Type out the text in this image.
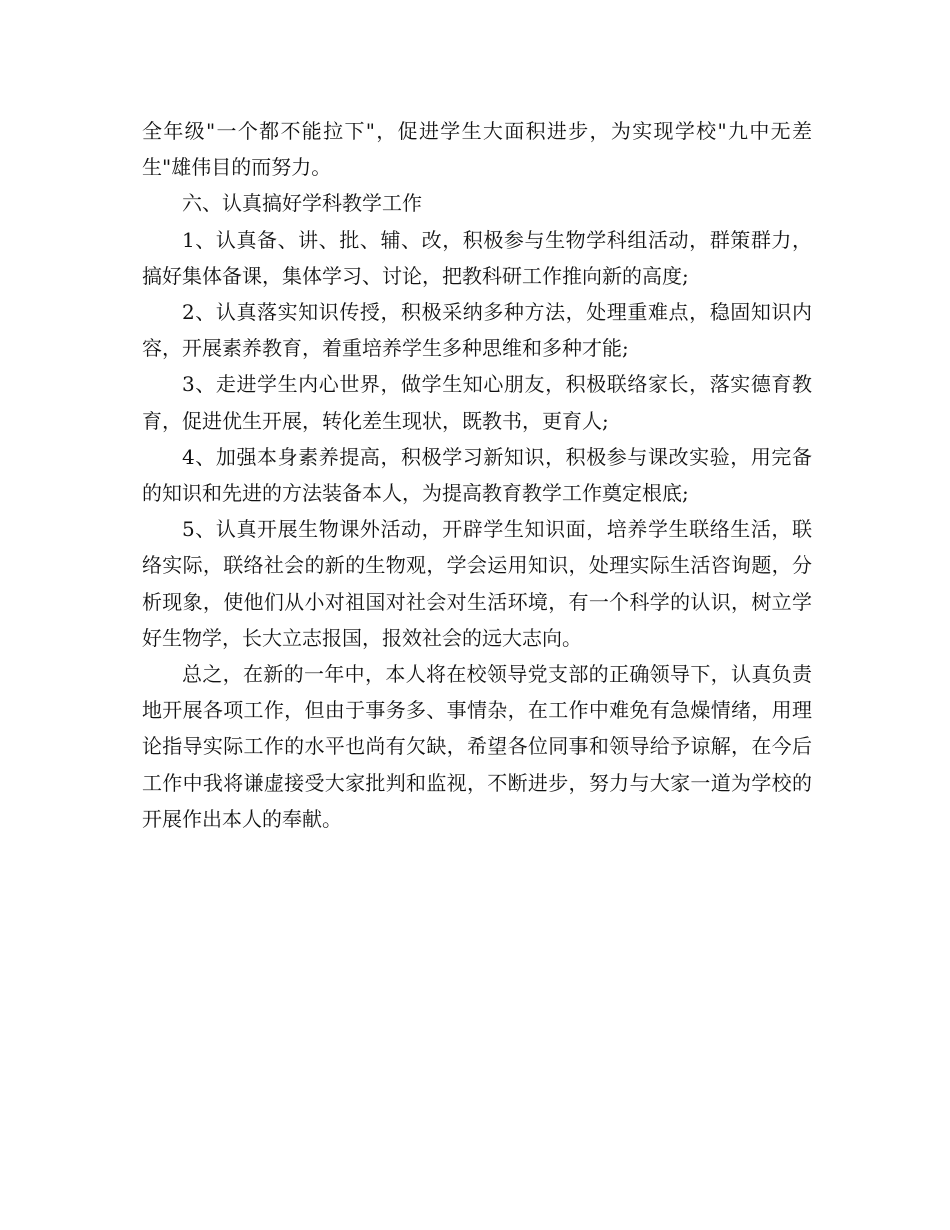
全年级"一个都不能拉下"，促进学生大面积进步，为实现学校"九中无差生"雄伟目的而努力。

六、认真搞好学科教学工作

1、认真备、讲、批、辅、改，积极参与生物学科组活动，群策群力，搞好集体备课，集体学习、讨论，把教科研工作推向新的高度;

2、认真落实知识传授，积极采纳多种方法，处理重难点，稳固知识内容，开展素养教育，着重培养学生多种思维和多种才能;

3、走进学生内心世界，做学生知心朋友，积极联络家长，落实德育教育，促进优生开展，转化差生现状，既教书，更育人;

4、加强本身素养提高，积极学习新知识，积极参与课改实验，用完备的知识和先进的方法装备本人，为提高教育教学工作奠定根底;

5、认真开展生物课外活动，开辟学生知识面，培养学生联络生活，联络实际，联络社会的新的生物观，学会运用知识，处理实际生活咨询题，分析现象，使他们从小对祖国对社会对生活环境，有一个科学的认识，树立学好生物学，长大立志报国，报效社会的远大志向。

总之，在新的一年中，本人将在校领导党支部的正确领导下，认真负责地开展各项工作，但由于事务多、事情杂，在工作中难免有急燥情绪，用理论指导实际工作的水平也尚有欠缺，希望各位同事和领导给予谅解，在今后工作中我将谦虚接受大家批判和监视，不断进步，努力与大家一道为学校的开展作出本人的奉献。
